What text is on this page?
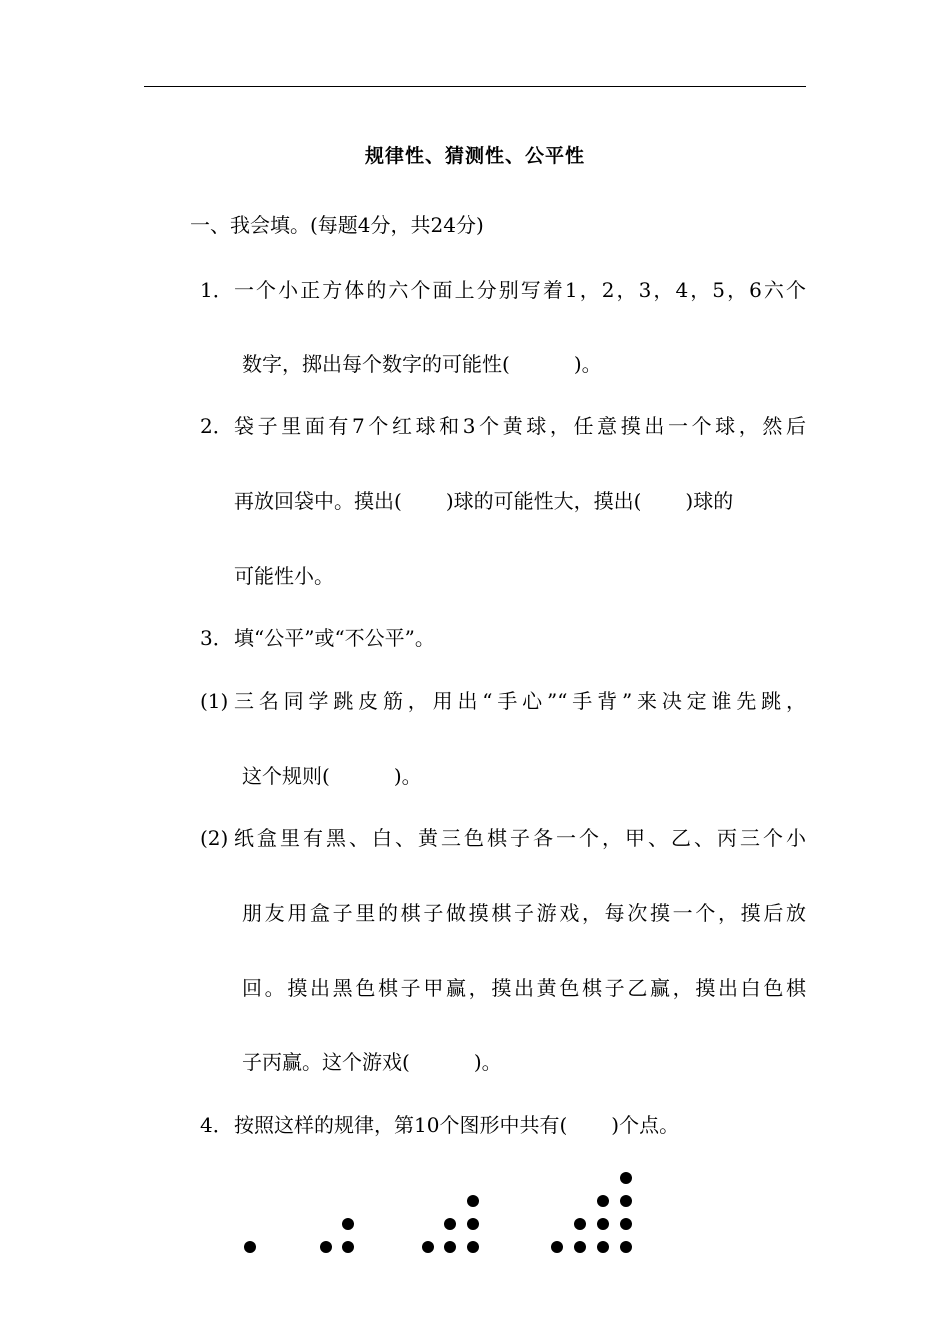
规律性、猜测性、公平性
一、我会填。(每题4分，共24分)
1． 一个小正方体的六个面上分别写着1，2，3，4，5，6六个
数字，掷出每个数字的可能性(	)。
2． 袋子里面有7个红球和3个黄球，任意摸出一个球，然后
再放回袋中。摸出( )球的可能性大，摸出( )球的
可能性小。
3． 填“公平”或“不公平”。
(1) 三名同学跳皮筋，用出“手心”“手背”来决定谁先跳，
这个规则(	)。
(2) 纸盒里有黑、白、黄三色棋子各一个，甲、乙、丙三个小
朋友用盒子里的棋子做摸棋子游戏，每次摸一个，摸后放
回。摸出黑色棋子甲赢，摸出黄色棋子乙赢，摸出白色棋
子丙赢。这个游戏(	)。
4． 按照这样的规律，第10个图形中共有( )个点。
